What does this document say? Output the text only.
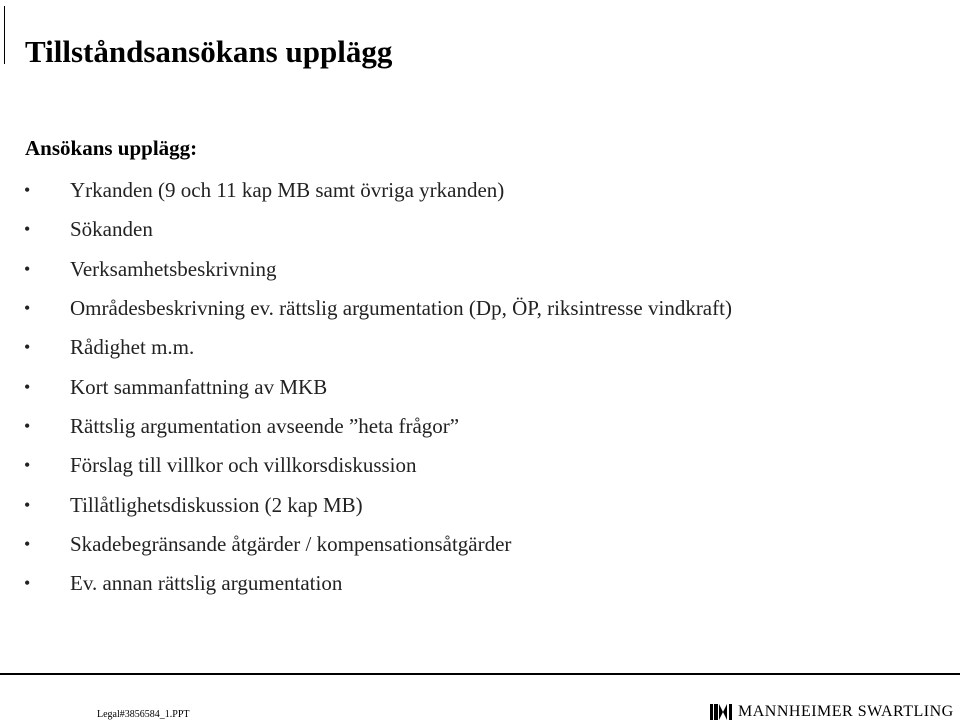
Tillståndsansökans upplägg
Ansökans upplägg:
• Yrkanden (9 och 11 kap MB samt övriga yrkanden)
• Sökanden
• Verksamhetsbeskrivning
• Områdesbeskrivning ev. rättslig argumentation (Dp, ÖP, riksintresse vindkraft)
• Rådighet m.m.
• Kort sammanfattning av MKB
• Rättslig argumentation avseende ”heta frågor”
• Förslag till villkor och villkorsdiskussion
• Tillåtlighetsdiskussion (2 kap MB)
• Skadebegränsande åtgärder / kompensationsåtgärder
• Ev. annan rättslig argumentation
Legal#3856584_1.PPT	MANNHEIMER SWARTLING
